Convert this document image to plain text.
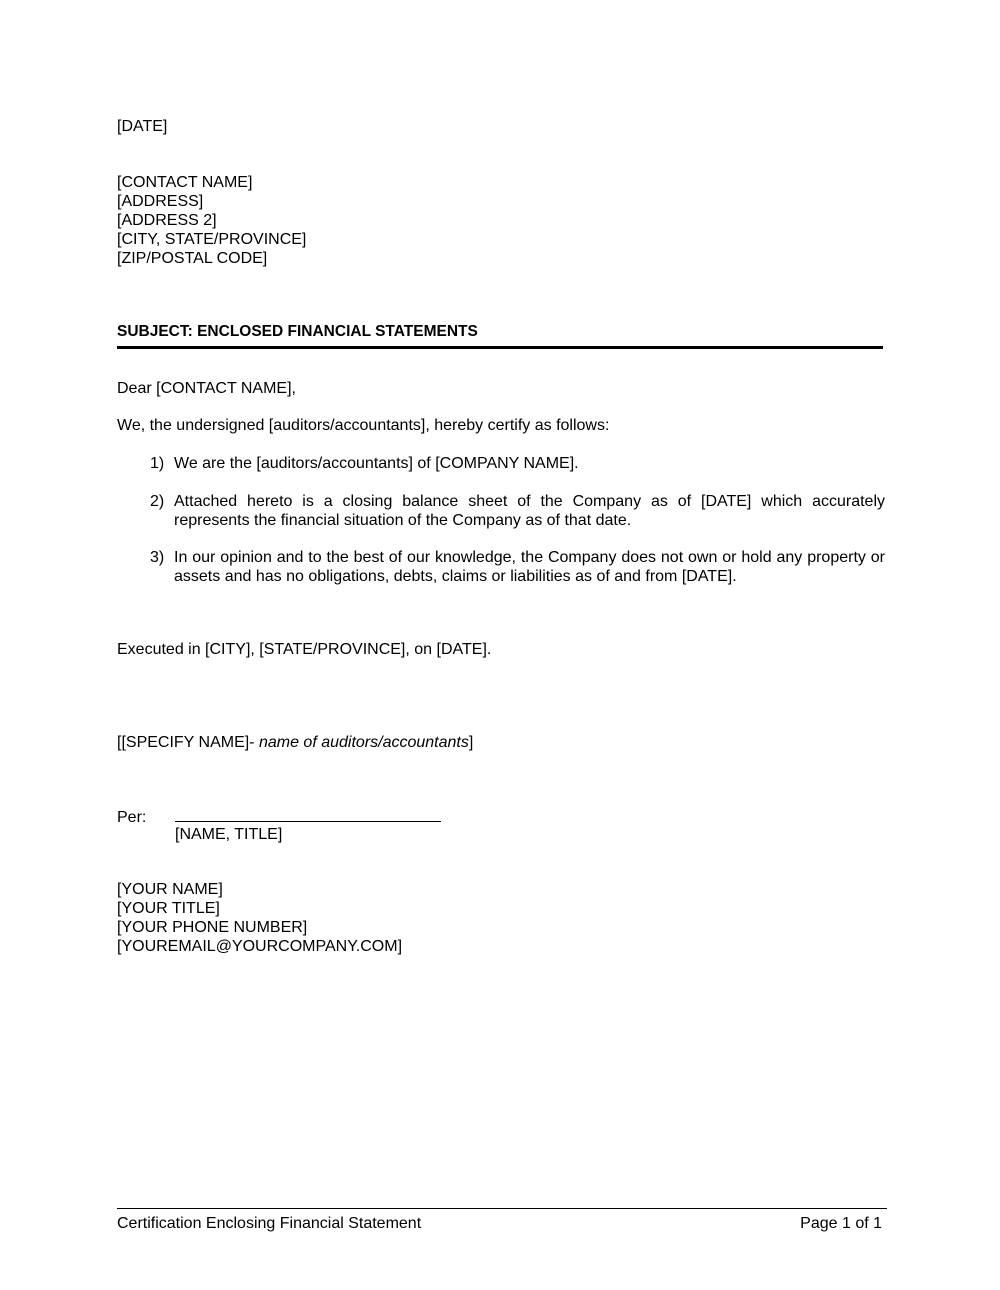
[DATE]
[CONTACT NAME]
[ADDRESS]
[ADDRESS 2]
[CITY, STATE/PROVINCE]
[ZIP/POSTAL CODE]
SUBJECT: ENCLOSED FINANCIAL STATEMENTS
Dear [CONTACT NAME],
We, the undersigned [auditors/accountants], hereby certify as follows:
1) We are the [auditors/accountants] of [COMPANY NAME].
2) Attached hereto is a closing balance sheet of the Company as of [DATE] which accurately represents the financial situation of the Company as of that date.
3) In our opinion and to the best of our knowledge, the Company does not own or hold any property or assets and has no obligations, debts, claims or liabilities as of and from [DATE].
Executed in [CITY], [STATE/PROVINCE], on [DATE].
[[SPECIFY NAME]- name of auditors/accountants]
Per:
[NAME, TITLE]
[YOUR NAME]
[YOUR TITLE]
[YOUR PHONE NUMBER]
[YOUREMAIL@YOURCOMPANY.COM]
Certification Enclosing Financial Statement	Page 1 of 1
